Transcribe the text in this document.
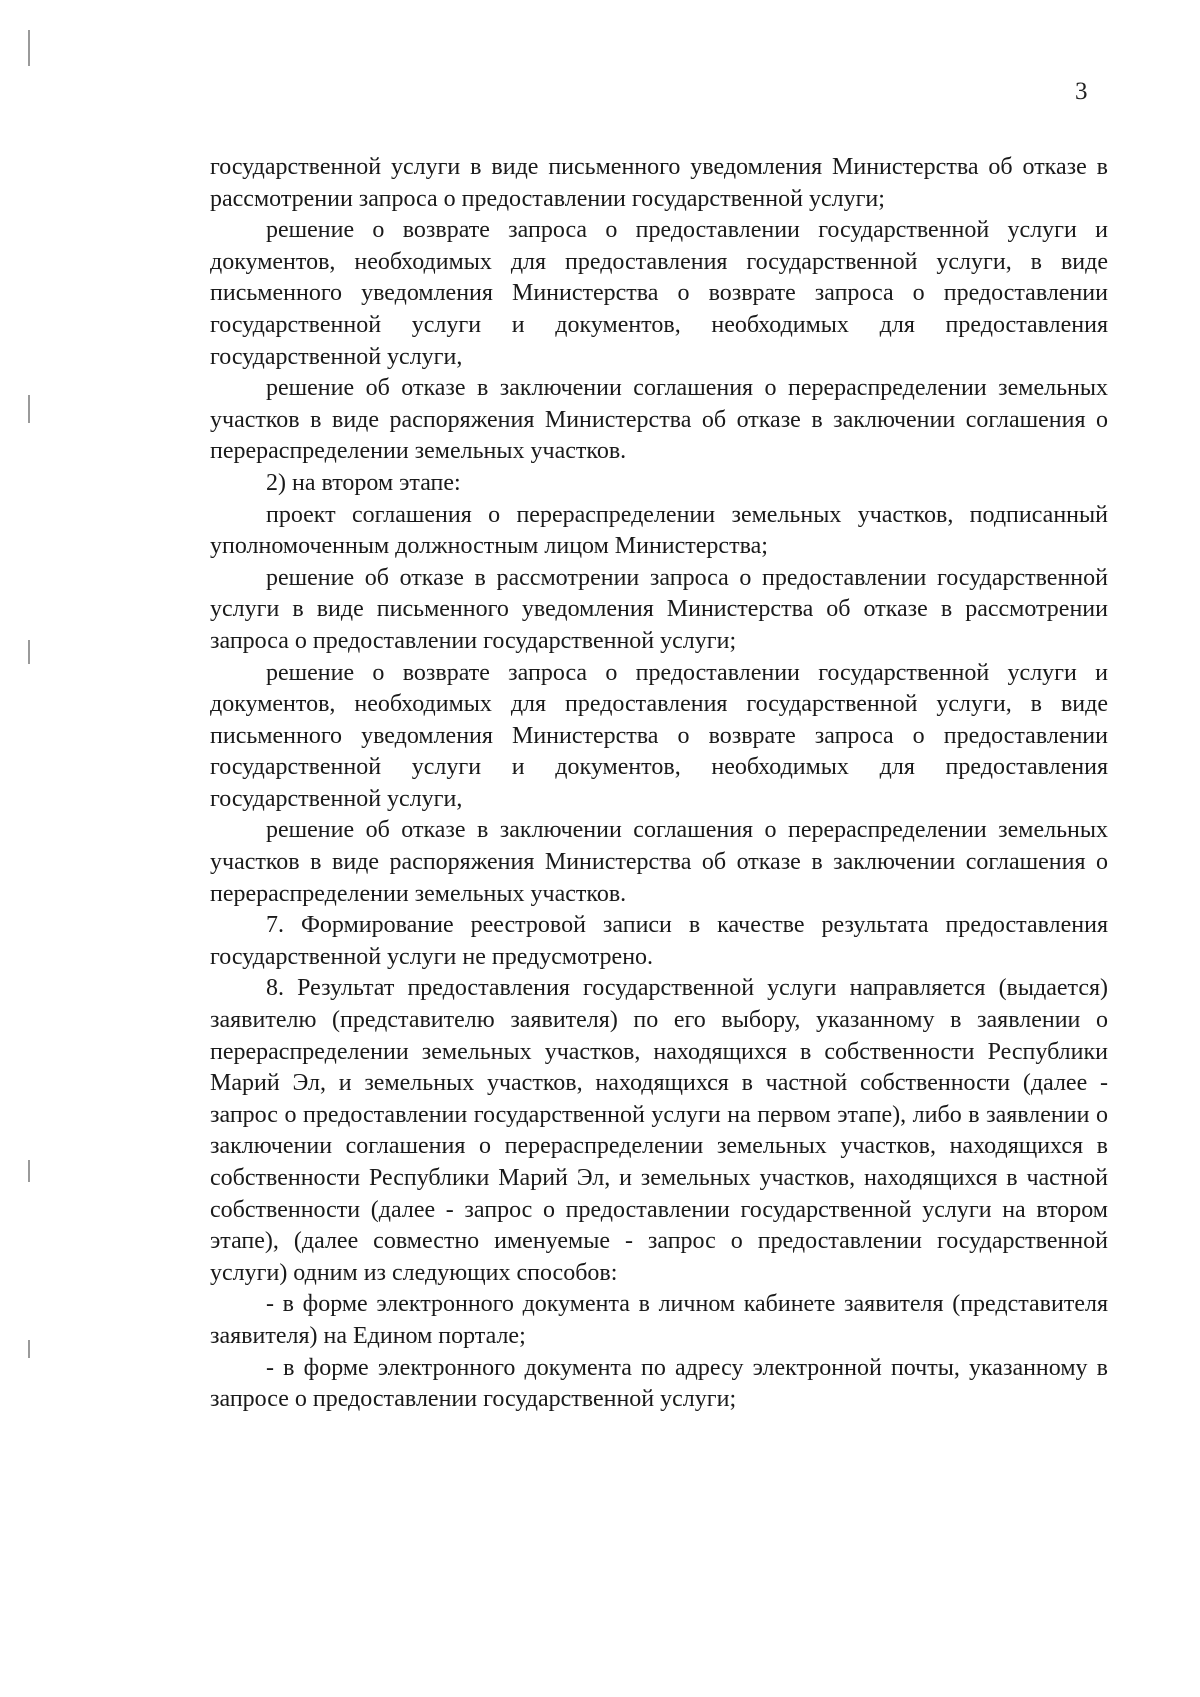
3

государственной услуги в виде письменного уведомления Министерства об отказе в рассмотрении запроса о предоставлении государственной услуги;

решение о возврате запроса о предоставлении государственной услуги и документов, необходимых для предоставления государственной услуги, в виде письменного уведомления Министерства о возврате запроса о предоставлении государственной услуги и документов, необходимых для предоставления государственной услуги,

решение об отказе в заключении соглашения о перераспределении земельных участков в виде распоряжения Министерства об отказе в заключении соглашения о перераспределении земельных участков.

2) на втором этапе:

проект соглашения о перераспределении земельных участков, подписанный уполномоченным должностным лицом Министерства;

решение об отказе в рассмотрении запроса о предоставлении государственной услуги в виде письменного уведомления Министерства об отказе в рассмотрении запроса о предоставлении государственной услуги;

решение о возврате запроса о предоставлении государственной услуги и документов, необходимых для предоставления государственной услуги, в виде письменного уведомления Министерства о возврате запроса о предоставлении государственной услуги и документов, необходимых для предоставления государственной услуги,

решение об отказе в заключении соглашения о перераспределении земельных участков в виде распоряжения Министерства об отказе в заключении соглашения о перераспределении земельных участков.

7. Формирование реестровой записи в качестве результата предоставления государственной услуги не предусмотрено.

8. Результат предоставления государственной услуги направляется (выдается) заявителю (представителю заявителя) по его выбору, указанному в заявлении о перераспределении земельных участков, находящихся в собственности Республики Марий Эл, и земельных участков, находящихся в частной собственности (далее - запрос о предоставлении государственной услуги на первом этапе), либо в заявлении о заключении соглашения о перераспределении земельных участков, находящихся в собственности Республики Марий Эл, и земельных участков, находящихся в частной собственности (далее - запрос о предоставлении государственной услуги на втором этапе), (далее совместно именуемые - запрос о предоставлении государственной услуги) одним из следующих способов:

- в форме электронного документа в личном кабинете заявителя (представителя заявителя) на Едином портале;

- в форме электронного документа по адресу электронной почты, указанному в запросе о предоставлении государственной услуги;
